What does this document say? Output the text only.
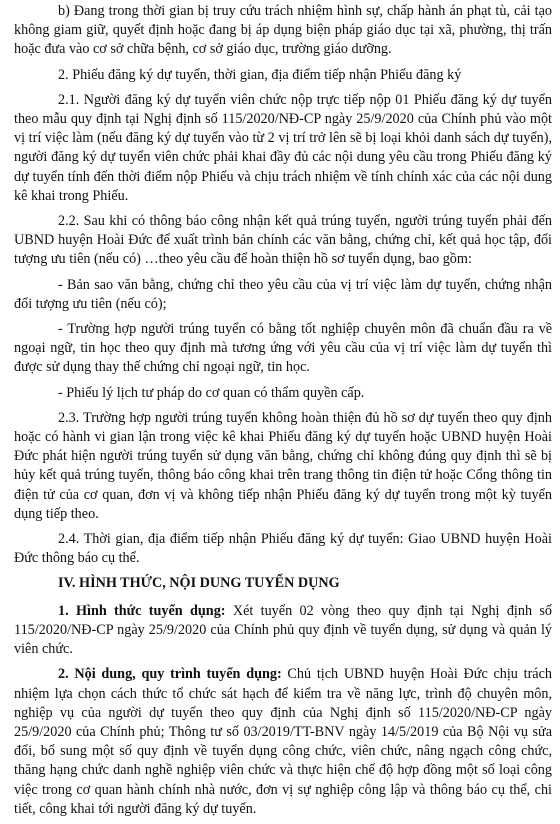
b) Đang trong thời gian bị truy cứu trách nhiệm hình sự, chấp hành án phạt tù, cải tạo không giam giữ, quyết định hoặc đang bị áp dụng biện pháp giáo dục tại xã, phường, thị trấn hoặc đưa vào cơ sở chữa bệnh, cơ sở giáo dục, trường giáo dưỡng.

2. Phiếu đăng ký dự tuyển, thời gian, địa điểm tiếp nhận Phiếu đăng ký

2.1. Người đăng ký dự tuyển viên chức nộp trực tiếp nộp 01 Phiếu đăng ký dự tuyển theo mẫu quy định tại Nghị định số 115/2020/NĐ-CP ngày 25/9/2020 của Chính phủ vào một vị trí việc làm (nếu đăng ký dự tuyển vào từ 2 vị trí trở lên sẽ bị loại khỏi danh sách dự tuyển), người đăng ký dự tuyển viên chức phải khai đầy đủ các nội dung yêu cầu trong Phiếu đăng ký dự tuyển tính đến thời điểm nộp Phiếu và chịu trách nhiệm về tính chính xác của các nội dung kê khai trong Phiếu.

2.2. Sau khi có thông báo công nhận kết quả trúng tuyển, người trúng tuyển phải đến UBND huyện Hoài Đức để xuất trình bản chính các văn bằng, chứng chỉ, kết quả học tập, đối tượng ưu tiên (nếu có) …theo yêu cầu để hoàn thiện hồ sơ tuyển dụng, bao gồm:

- Bản sao văn bằng, chứng chỉ theo yêu cầu của vị trí việc làm dự tuyển, chứng nhận đối tượng ưu tiên (nếu có);

- Trường hợp người trúng tuyển có bằng tốt nghiệp chuyên môn đã chuẩn đầu ra về ngoại ngữ, tin học theo quy định mà tương ứng với yêu cầu của vị trí việc làm dự tuyển thì được sử dụng thay thế chứng chỉ ngoại ngữ, tin học.

- Phiếu lý lịch tư pháp do cơ quan có thẩm quyền cấp.

2.3. Trường hợp người trúng tuyển không hoàn thiện đủ hồ sơ dự tuyển theo quy định hoặc có hành vi gian lận trong việc kê khai Phiếu đăng ký dự tuyển hoặc UBND huyện Hoài Đức phát hiện người trúng tuyển sử dụng văn bằng, chứng chỉ không đúng quy định thì sẽ bị hủy kết quả trúng tuyển, thông báo công khai trên trang thông tin điện tử hoặc Cổng thông tin điện tử của cơ quan, đơn vị và không tiếp nhận Phiếu đăng ký dự tuyển trong một kỳ tuyển dụng tiếp theo.

2.4. Thời gian, địa điểm tiếp nhận Phiếu đăng ký dự tuyển: Giao UBND huyện Hoài Đức thông báo cụ thể.

IV. HÌNH THỨC, NỘI DUNG TUYỂN DỤNG

1. Hình thức tuyển dụng: Xét tuyển 02 vòng theo quy định tại Nghị định số 115/2020/NĐ-CP ngày 25/9/2020 của Chính phủ quy định về tuyển dụng, sử dụng và quản lý viên chức.

2. Nội dung, quy trình tuyển dụng: Chủ tịch UBND huyện Hoài Đức chịu trách nhiệm lựa chọn cách thức tổ chức sát hạch để kiểm tra về năng lực, trình độ chuyên môn, nghiệp vụ của người dự tuyển theo quy định của Nghị định số 115/2020/NĐ-CP ngày 25/9/2020 của Chính phủ; Thông tư số 03/2019/TT-BNV ngày 14/5/2019 của Bộ Nội vụ sửa đổi, bổ sung một số quy định về tuyển dụng công chức, viên chức, nâng ngạch công chức, thăng hạng chức danh nghề nghiệp viên chức và thực hiện chế độ hợp đồng một số loại công việc trong cơ quan hành chính nhà nước, đơn vị sự nghiệp công lập và thông báo cụ thể, chi tiết, công khai tới người đăng ký dự tuyển.
